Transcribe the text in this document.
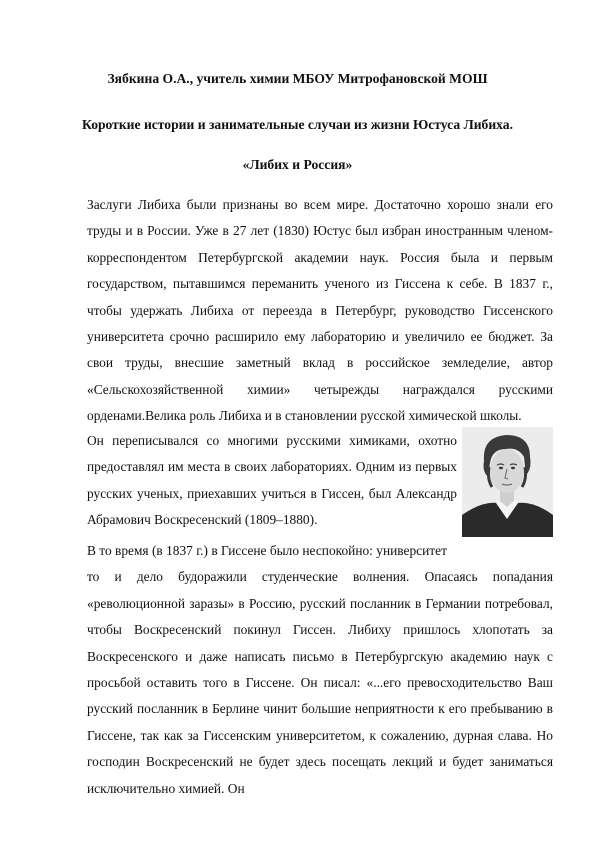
Зябкина О.А., учитель химии МБОУ Митрофановской МОШ
Короткие истории и занимательные случаи из жизни Юстуса Либиха.
«Либих и Россия»
Заслуги Либиха были признаны во всем мире. Достаточно хорошо знали его труды и в России. Уже в 27 лет (1830) Юстус был избран иностранным членом-корреспондентом Петербургской академии наук. Россия была и первым государством, пытавшимся переманить ученого из Гиссена к себе. В 1837 г., чтобы удержать Либиха от переезда в Петербург, руководство Гиссенского университета срочно расширило ему лабораторию и увеличило ее бюджет. За свои труды, внесшие заметный вклад в российское земледелие, автор «Сельскохозяйственной химии» четырежды награждался русскими орденами.Велика роль Либиха и в становлении русской химической школы.
Он переписывался со многими русскими химиками, охотно предоставлял им места в своих лабораториях. Одним из первых русских ученых, приехавших учиться в Гиссен, был Александр Абрамович Воскресенский (1809–1880).
В то время (в 1837 г.) в Гиссене было неспокойно: университет
то и дело будоражили студенческие волнения. Опасаясь попадания «революционной заразы» в Россию, русский посланник в Германии потребовал, чтобы Воскресенский покинул Гиссен. Либиху пришлось хлопотать за Воскресенского и даже написать письмо в Петербургскую академию наук с просьбой оставить того в Гиссене. Он писал: «...его превосходительство Ваш русский посланник в Берлине чинит большие неприятности к его пребыванию в Гиссене, так как за Гиссенским университетом, к сожалению, дурная слава. Но господин Воскресенский не будет здесь посещать лекций и будет заниматься исключительно химией. Он
